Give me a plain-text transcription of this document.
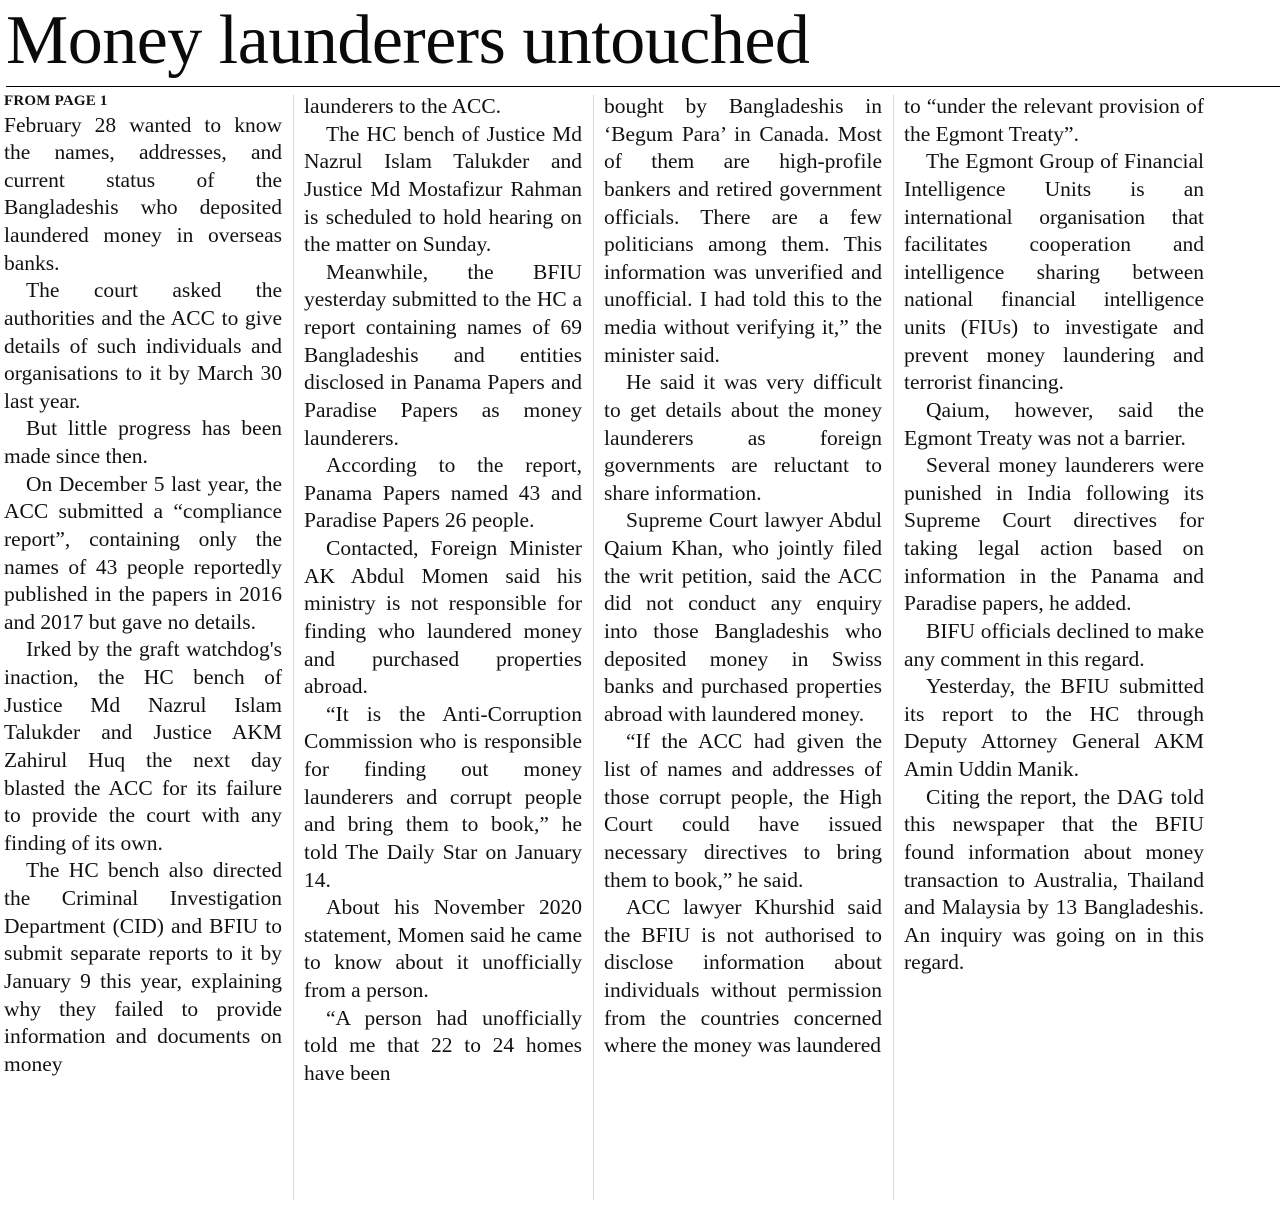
Money launderers untouched
FROM PAGE 1

February 28 wanted to know the names, addresses, and current status of the Bangladeshis who deposited laundered money in overseas banks.

The court asked the authorities and the ACC to give details of such individuals and organisations to it by March 30 last year.

But little progress has been made since then.

On December 5 last year, the ACC submitted a “compliance report”, containing only the names of 43 people reportedly published in the papers in 2016 and 2017 but gave no details.

Irked by the graft watchdog's inaction, the HC bench of Justice Md Nazrul Islam Talukder and Justice AKM Zahirul Huq the next day blasted the ACC for its failure to provide the court with any finding of its own.

The HC bench also directed the Criminal Investigation Department (CID) and BFIU to submit separate reports to it by January 9 this year, explaining why they failed to provide information and documents on money

launderers to the ACC.

The HC bench of Justice Md Nazrul Islam Talukder and Justice Md Mostafizur Rahman is scheduled to hold hearing on the matter on Sunday.

Meanwhile, the BFIU yesterday submitted to the HC a report containing names of 69 Bangladeshis and entities disclosed in Panama Papers and Paradise Papers as money launderers.

According to the report, Panama Papers named 43 and Paradise Papers 26 people.

Contacted, Foreign Minister AK Abdul Momen said his ministry is not responsible for finding who laundered money and purchased properties abroad.

“It is the Anti-Corruption Commission who is responsible for finding out money launderers and corrupt people and bring them to book,” he told The Daily Star on January 14.

About his November 2020 statement, Momen said he came to know about it unofficially from a person.

“A person had unofficially told me that 22 to 24 homes have been

bought by Bangladeshis in ‘Begum Para’ in Canada. Most of them are high-profile bankers and retired government officials. There are a few politicians among them. This information was unverified and unofficial. I had told this to the media without verifying it,” the minister said.

He said it was very difficult to get details about the money launderers as foreign governments are reluctant to share information.

Supreme Court lawyer Abdul Qaium Khan, who jointly filed the writ petition, said the ACC did not conduct any enquiry into those Bangladeshis who deposited money in Swiss banks and purchased properties abroad with laundered money.

“If the ACC had given the list of names and addresses of those corrupt people, the High Court could have issued necessary directives to bring them to book,” he said.

ACC lawyer Khurshid said the BFIU is not authorised to disclose information about individuals without permission from the countries concerned where the money was laundered

to “under the relevant provision of the Egmont Treaty”.

The Egmont Group of Financial Intelligence Units is an international organisation that facilitates cooperation and intelligence sharing between national financial intelligence units (FIUs) to investigate and prevent money laundering and terrorist financing.

Qaium, however, said the Egmont Treaty was not a barrier.

Several money launderers were punished in India following its Supreme Court directives for taking legal action based on information in the Panama and Paradise papers, he added.

BIFU officials declined to make any comment in this regard.

Yesterday, the BFIU submitted its report to the HC through Deputy Attorney General AKM Amin Uddin Manik.

Citing the report, the DAG told this newspaper that the BFIU found information about money transaction to Australia, Thailand and Malaysia by 13 Bangladeshis. An inquiry was going on in this regard.
